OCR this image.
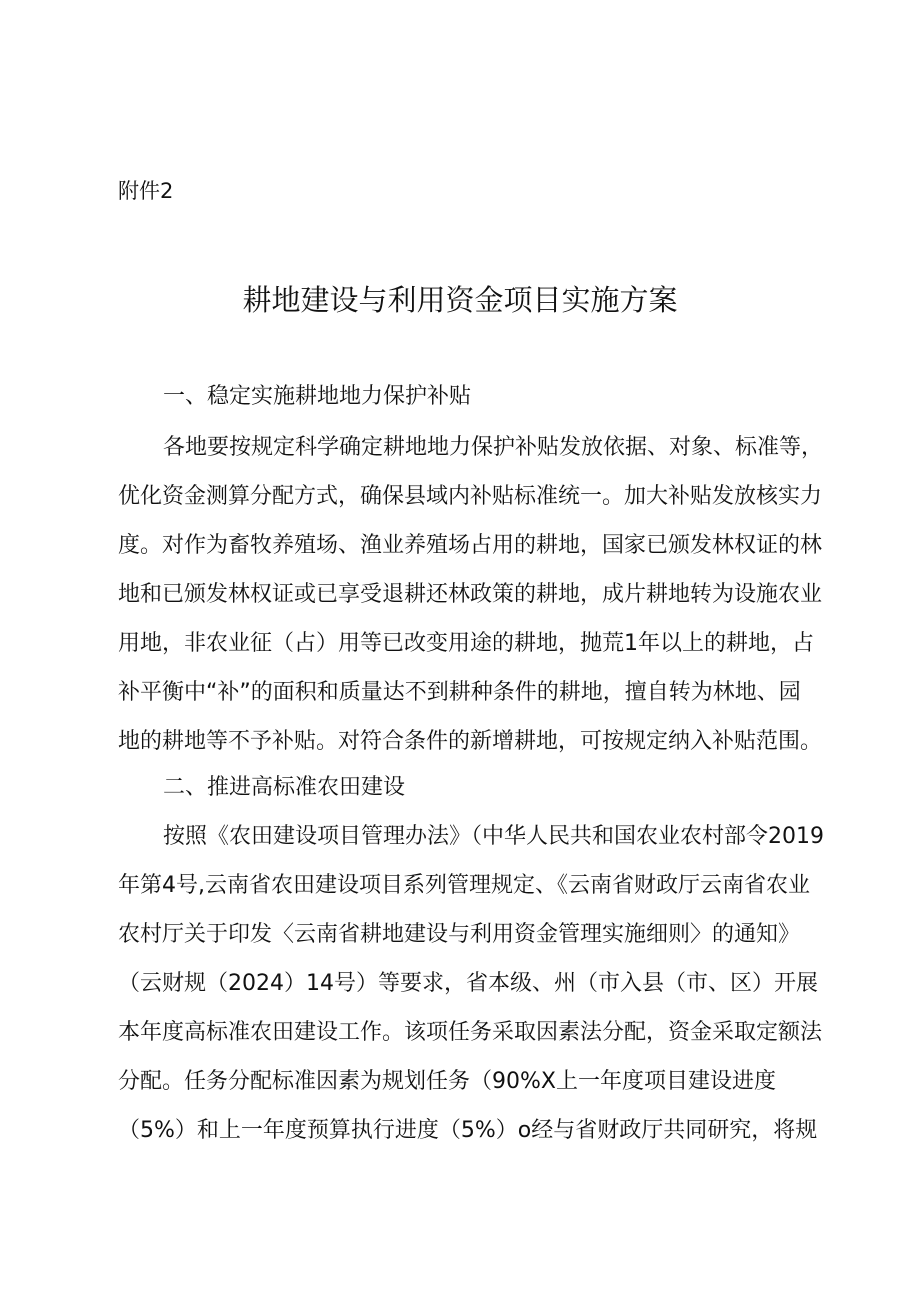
附件2
耕地建设与利用资金项目实施方案
一、稳定实施耕地地力保护补贴
各地要按规定科学确定耕地地力保护补贴发放依据、对象、标准等，
优化资金测算分配方式，确保县域内补贴标准统一。加大补贴发放核实力
度。对作为畜牧养殖场、渔业养殖场占用的耕地，国家已颁发林权证的林
地和已颁发林权证或已享受退耕还林政策的耕地，成片耕地转为设施农业
用地，非农业征（占）用等已改变用途的耕地，抛荒1年以上的耕地，占
补平衡中“补”的面积和质量达不到耕种条件的耕地，擅自转为林地、园
地的耕地等不予补贴。对符合条件的新增耕地，可按规定纳入补贴范围。
二、推进高标准农田建设
按照《农田建设项目管理办法》（中华人民共和国农业农村部令2019
年第4号,云南省农田建设项目系列管理规定、《云南省财政厅云南省农业
农村厅关于印发〈云南省耕地建设与利用资金管理实施细则〉的通知》
（云财规（2024）14号）等要求，省本级、州（市入县（市、区）开展
本年度高标准农田建设工作。该项任务采取因素法分配，资金采取定额法
分配。任务分配标准因素为规划任务（90%X上一年度项目建设进度
（5%）和上一年度预算执行进度（5%）o经与省财政厅共同研究，将规
